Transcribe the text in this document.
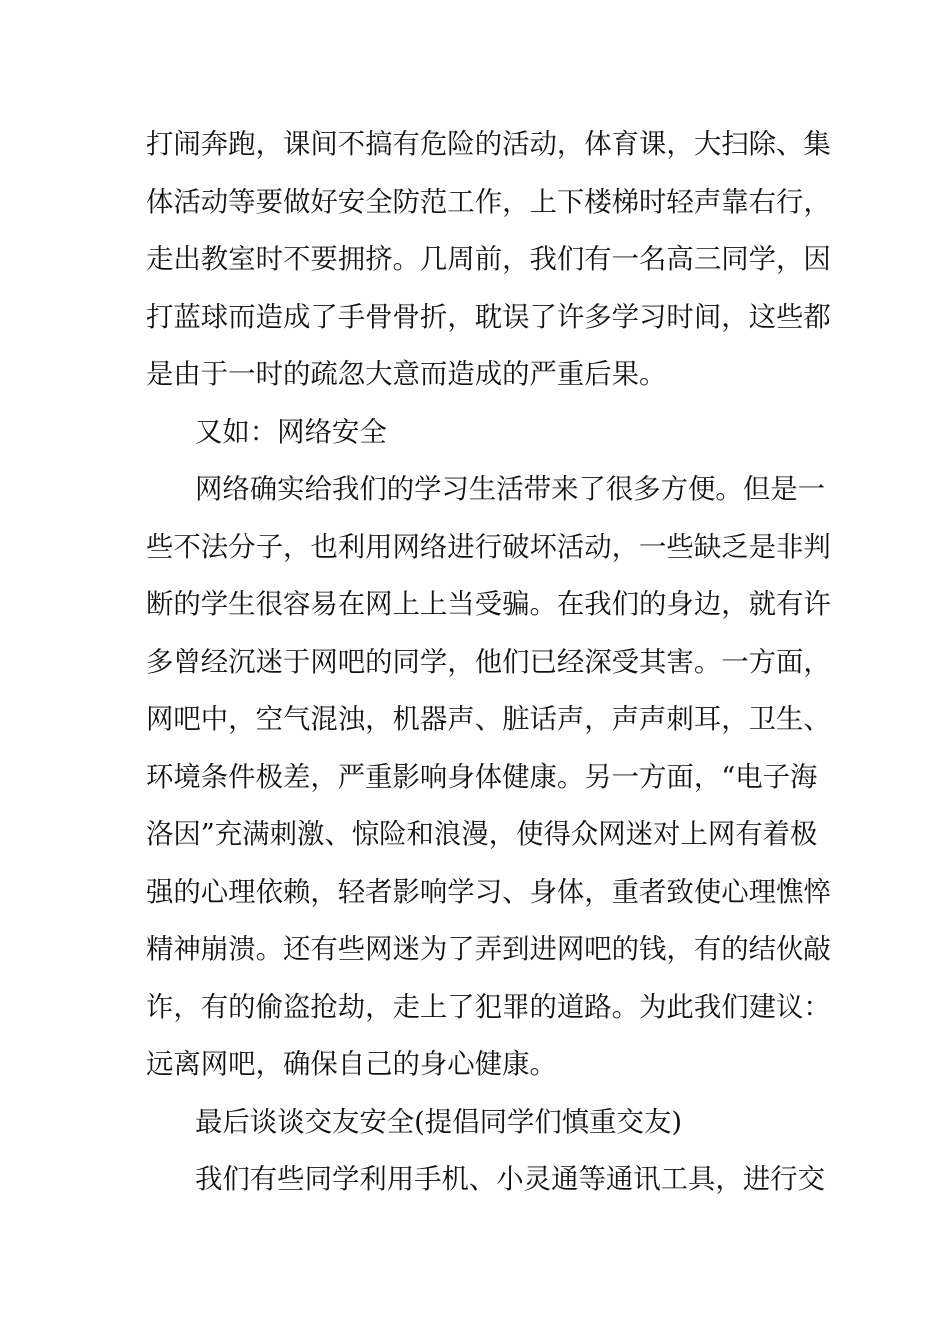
打闹奔跑，课间不搞有危险的活动，体育课，大扫除、集
体活动等要做好安全防范工作，上下楼梯时轻声靠右行，
走出教室时不要拥挤。几周前，我们有一名高三同学，因
打蓝球而造成了手骨骨折，耽误了许多学习时间，这些都
是由于一时的疏忽大意而造成的严重后果。
又如：网络安全
网络确实给我们的学习生活带来了很多方便。但是一
些不法分子，也利用网络进行破坏活动，一些缺乏是非判
断的学生很容易在网上上当受骗。在我们的身边，就有许
多曾经沉迷于网吧的同学，他们已经深受其害。一方面，
网吧中，空气混浊，机器声、脏话声，声声刺耳，卫生、
环境条件极差，严重影响身体健康。另一方面，“电子海
洛因”充满刺激、惊险和浪漫，使得众网迷对上网有着极
强的心理依赖，轻者影响学习、身体，重者致使心理憔悴
精神崩溃。还有些网迷为了弄到进网吧的钱，有的结伙敲
诈，有的偷盗抢劫，走上了犯罪的道路。为此我们建议：
远离网吧，确保自己的身心健康。
最后谈谈交友安全(提倡同学们慎重交友)
我们有些同学利用手机、小灵通等通讯工具，进行交
